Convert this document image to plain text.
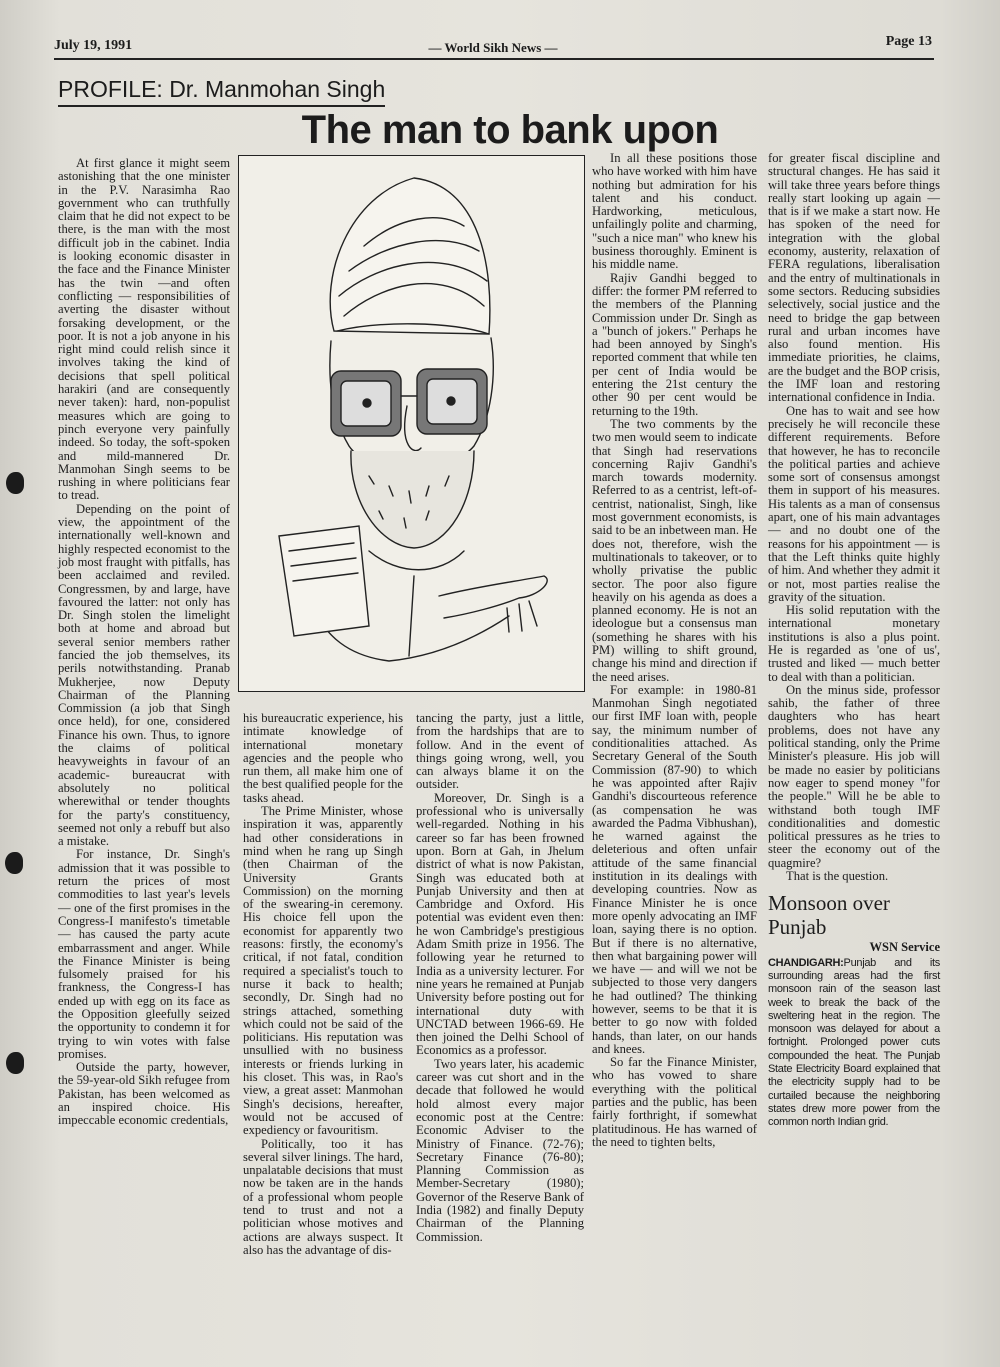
July 19, 1991	— World Sikh News —	Page 13
PROFILE: Dr. Manmohan Singh
The man to bank upon

At first glance it might seem astonishing that the one minister in the P.V. Narasimha Rao government who can truthfully claim that he did not expect to be there, is the man with the most difficult job in the cabinet. India is looking economic disaster in the face and the Finance Minister has the twin —and often conflicting — responsibilities of averting the disaster without forsaking development, or the poor. It is not a job anyone in his right mind could relish since it involves taking the kind of decisions that spell political harakiri (and are consequently never taken): hard, non-populist measures which are going to pinch everyone very painfully indeed. So today, the soft-spoken and mild-mannered Dr. Manmohan Singh seems to be rushing in where politicians fear to tread.

Depending on the point of view, the appointment of the internationally well-known and highly respected economist to the job most fraught with pitfalls, has been acclaimed and reviled. Congressmen, by and large, have favoured the latter: not only has Dr. Singh stolen the limelight both at home and abroad but several senior members rather fancied the job themselves, its perils notwithstanding. Pranab Mukherjee, now Deputy Chairman of the Planning Commission (a job that Singh once held), for one, considered Finance his own. Thus, to ignore the claims of political heavyweights in favour of an academic- bureaucrat with absolutely no political wherewithal or tender thoughts for the party's constituency, seemed not only a rebuff but also a mistake.

For instance, Dr. Singh's admission that it was possible to return the prices of most commodities to last year's levels — one of the first promises in the Congress-I manifesto's timetable — has caused the party acute embarrassment and anger. While the Finance Minister is being fulsomely praised for his frankness, the Congress-I has ended up with egg on its face as the Opposition gleefully seized the opportunity to condemn it for trying to win votes with false promises.

Outside the party, however, the 59-year-old Sikh refugee from Pakistan, has been welcomed as an inspired choice. His impeccable economic credentials,

his bureaucratic experience, his intimate knowledge of international monetary agencies and the people who run them, all make him one of the best qualified people for the tasks ahead.

The Prime Minister, whose inspiration it was, apparently had other considerations in mind when he rang up Singh (then Chairman of the University Grants Commission) on the morning of the swearing-in ceremony. His choice fell upon the economist for apparently two reasons: firstly, the economy's critical, if not fatal, condition required a specialist's touch to nurse it back to health; secondly, Dr. Singh had no strings attached, something which could not be said of the politicians. His reputation was unsullied with no business interests or friends lurking in his closet. This was, in Rao's view, a great asset: Manmohan Singh's decisions, hereafter, would not be accused of expediency or favouritism.

Politically, too it has several silver linings. The hard, unpalatable decisions that must now be taken are in the hands of a professional whom people tend to trust and not a politician whose motives and actions are always suspect. It also has the advantage of dis-

tancing the party, just a little, from the hardships that are to follow. And in the event of things going wrong, well, you can always blame it on the outsider.

Moreover, Dr. Singh is a professional who is universally well-regarded. Nothing in his career so far has been frowned upon. Born at Gah, in Jhelum district of what is now Pakistan, Singh was educated both at Punjab University and then at Cambridge and Oxford. His potential was evident even then: he won Cambridge's prestigious Adam Smith prize in 1956. The following year he returned to India as a university lecturer. For nine years he remained at Punjab University before posting out for international duty with UNCTAD between 1966-69. He then joined the Delhi School of Economics as a professor.

Two years later, his academic career was cut short and in the decade that followed he would hold almost every major economic post at the Centre: Economic Adviser to the Ministry of Finance. (72-76); Secretary Finance (76-80); Planning Commission as Member-Secretary (1980); Governor of the Reserve Bank of India (1982) and finally Deputy Chairman of the Planning Commission.

In all these positions those who have worked with him have nothing but admiration for his talent and his conduct. Hardworking, meticulous, unfailingly polite and charming, "such a nice man" who knew his business thoroughly. Eminent is his middle name.

Rajiv Gandhi begged to differ: the former PM referred to the members of the Planning Commission under Dr. Singh as a "bunch of jokers." Perhaps he had been annoyed by Singh's reported comment that while ten per cent of India would be entering the 21st century the other 90 per cent would be returning to the 19th.

The two comments by the two men would seem to indicate that Singh had reservations concerning Rajiv Gandhi's march towards modernity. Referred to as a centrist, left-of-centrist, nationalist, Singh, like most government economists, is said to be an inbetween man. He does not, therefore, wish the multinationals to takeover, or to wholly privatise the public sector. The poor also figure heavily on his agenda as does a planned economy. He is not an ideologue but a consensus man (something he shares with his PM) willing to shift ground, change his mind and direction if the need arises.

For example: in 1980-81 Manmohan Singh negotiated our first IMF loan with, people say, the minimum number of conditionalities attached. As Secretary General of the South Commission (87-90) to which he was appointed after Rajiv Gandhi's discourteous reference (as compensation he was awarded the Padma Vibhushan), he warned against the deleterious and often unfair attitude of the same financial institution in its dealings with developing countries. Now as Finance Minister he is once more openly advocating an IMF loan, saying there is no option. But if there is no alternative, then what bargaining power will we have — and will we not be subjected to those very dangers he had outlined? The thinking however, seems to be that it is better to go now with folded hands, than later, on our hands and knees.

So far the Finance Minister, who has vowed to share everything with the political parties and the public, has been fairly forthright, if somewhat platitudinous. He has warned of the need to tighten belts,

for greater fiscal discipline and structural changes. He has said it will take three years before things really start looking up again — that is if we make a start now. He has spoken of the need for integration with the global economy, austerity, relaxation of FERA regulations, liberalisation and the entry of multinationals in some sectors. Reducing subsidies selectively, social justice and the need to bridge the gap between rural and urban incomes have also found mention. His immediate priorities, he claims, are the budget and the BOP crisis, the IMF loan and restoring international confidence in India.

One has to wait and see how precisely he will reconcile these different requirements. Before that however, he has to reconcile the political parties and achieve some sort of consensus amongst them in support of his measures. His talents as a man of consensus apart, one of his main advantages — and no doubt one of the reasons for his appointment — is that the Left thinks quite highly of him. And whether they admit it or not, most parties realise the gravity of the situation.

His solid reputation with the international monetary institutions is also a plus point. He is regarded as 'one of us', trusted and liked — much better to deal with than a politician.

On the minus side, professor sahib, the father of three daughters who has heart problems, does not have any political standing, only the Prime Minister's pleasure. His job will be made no easier by politicians now eager to spend money "for the people." Will he be able to withstand both tough IMF conditionalities and domestic political pressures as he tries to steer the economy out of the quagmire?

That is the question.

Monsoon over Punjab
WSN Service

CHANDIGARH:Punjab and its surrounding areas had the first monsoon rain of the season last week to break the back of the sweltering heat in the region. The monsoon was delayed for about a fortnight. Prolonged power cuts compounded the heat. The Punjab State Electricity Board explained that the electricity supply had to be curtailed because the neighboring states drew more power from the common north Indian grid.
